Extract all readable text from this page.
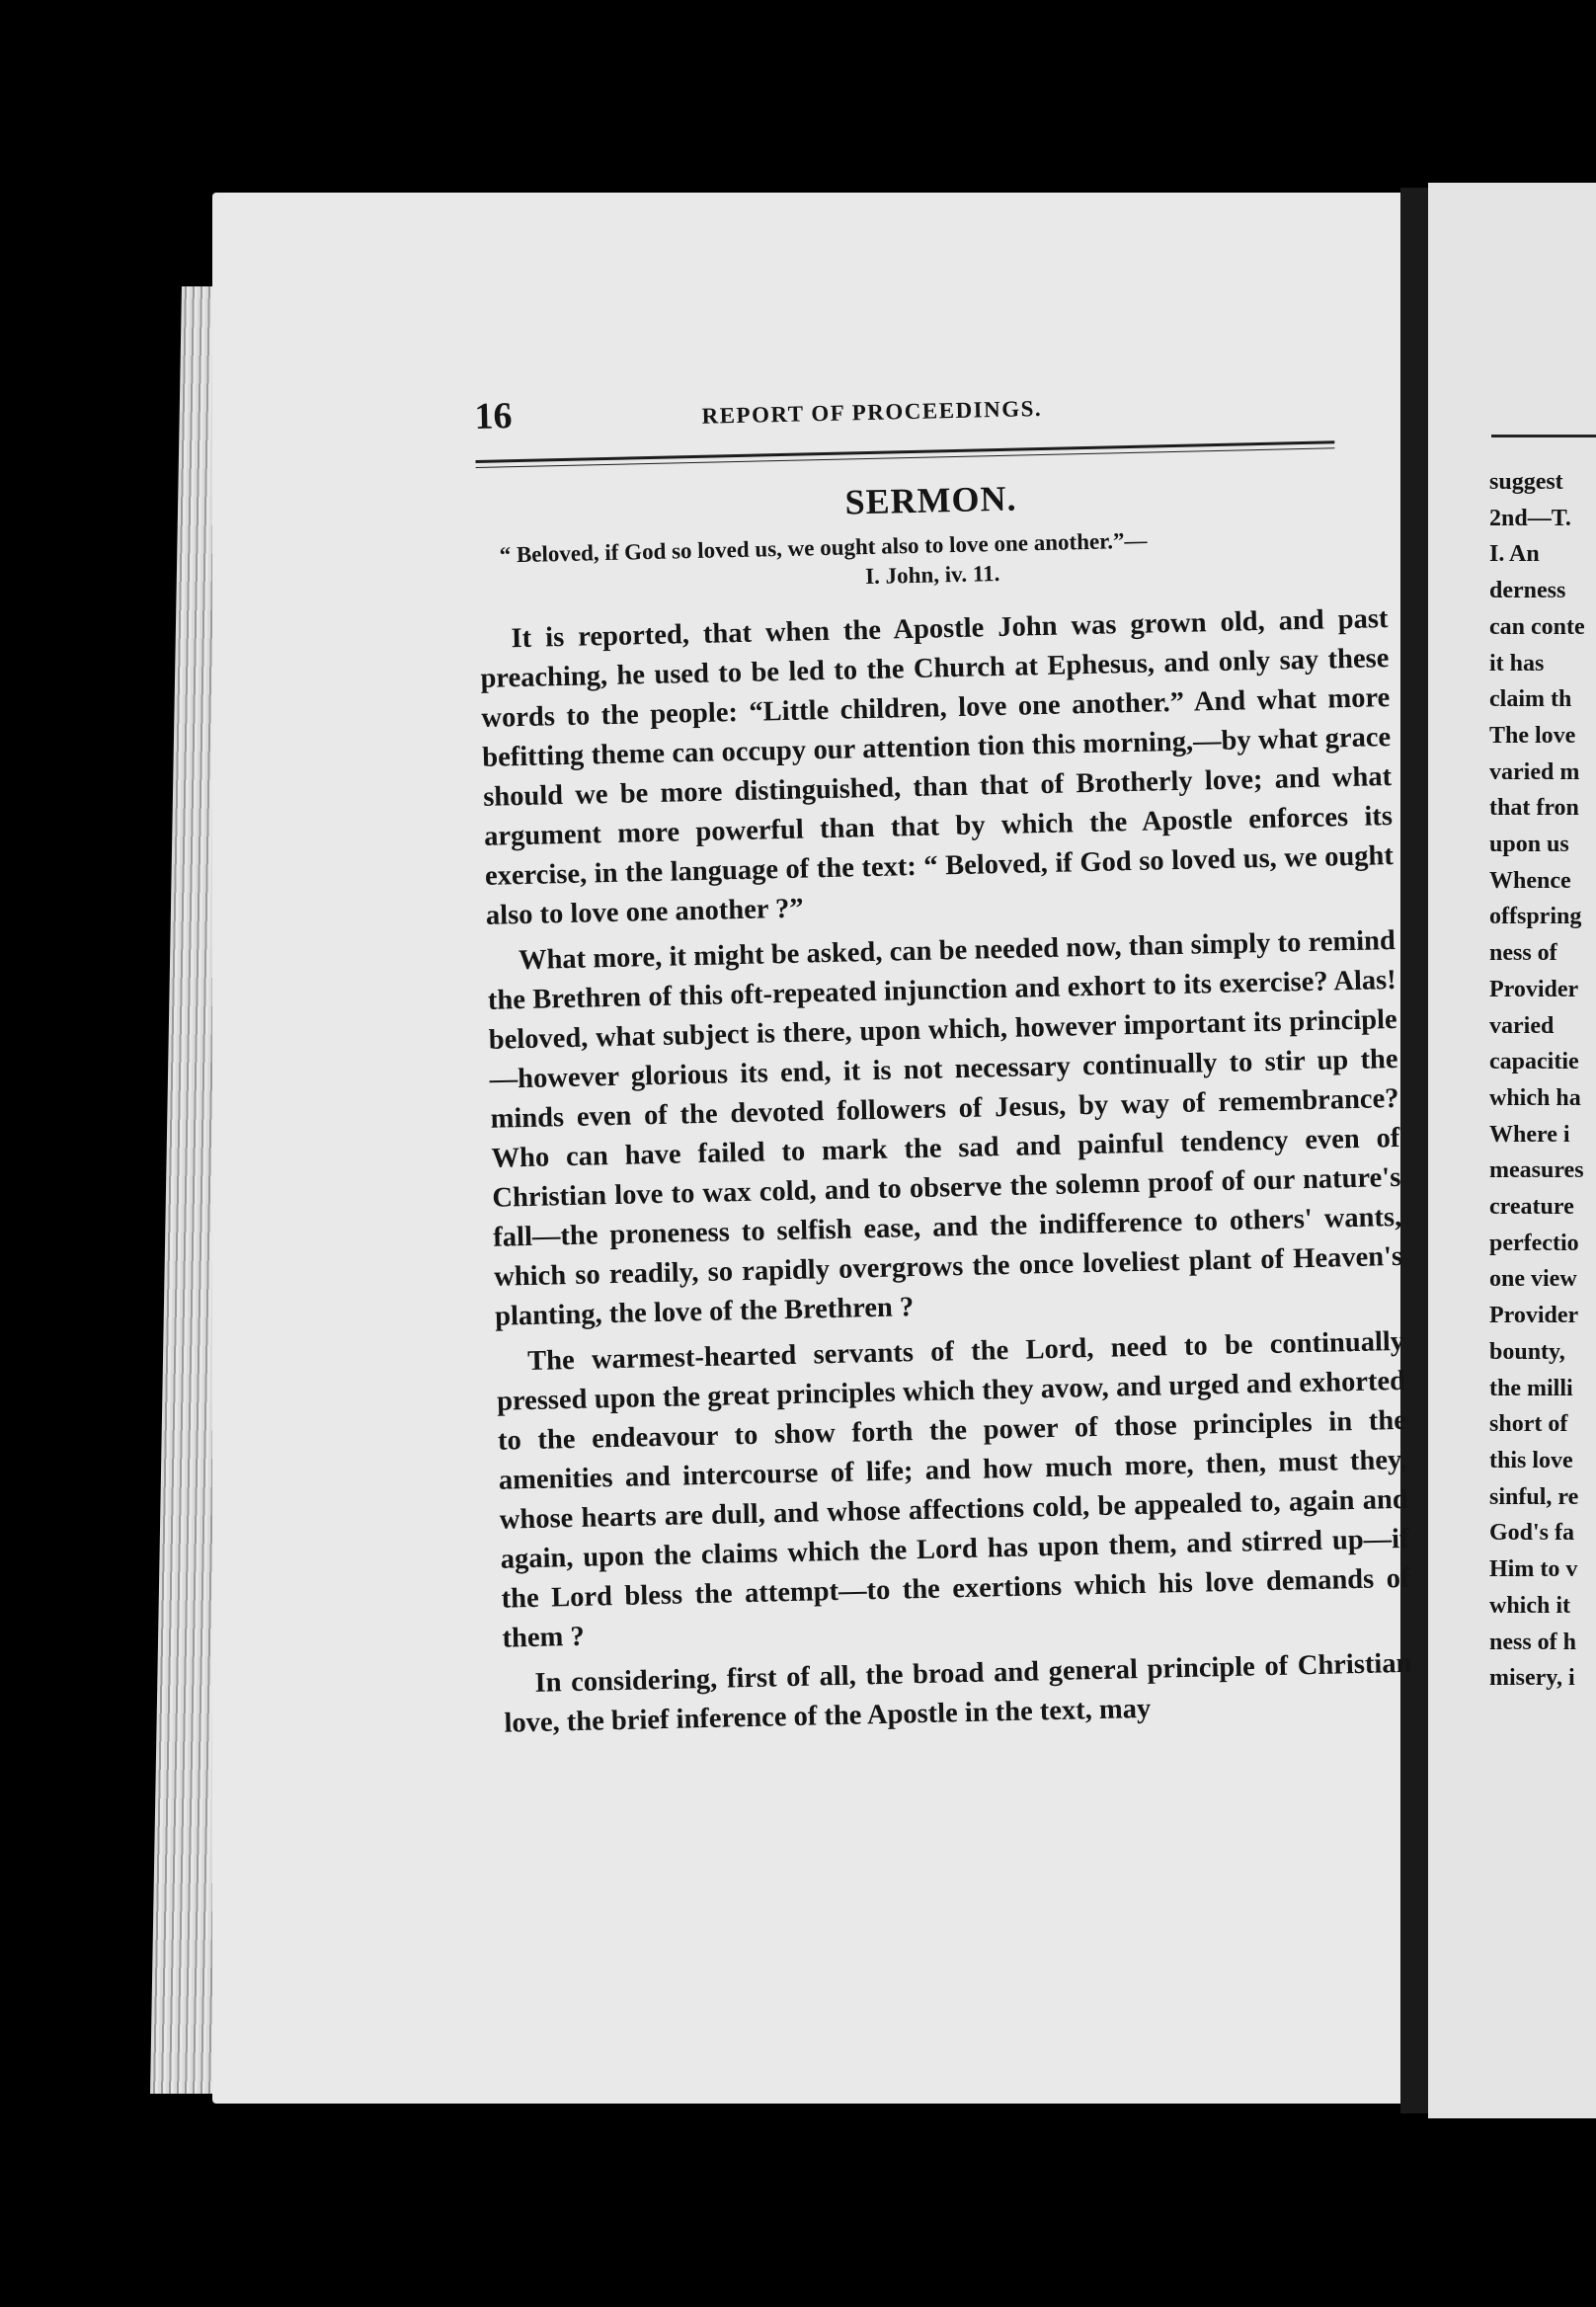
16	REPORT OF PROCEEDINGS.
SERMON.
“ Beloved, if God so loved us, we ought also to love one another.”—
I. John, iv. 11.

It is reported, that when the Apostle John was grown old, and past preaching, he used to be led to the Church at Ephesus, and only say these words to the people: “Little children, love one another.” And what more befitting theme can occupy our attention tion this morning,—by what grace should we be more distinguished, than that of Brotherly love; and what argument more powerful than that by which the Apostle enforces its exercise, in the language of the text: “ Beloved, if God so loved us, we ought also to love one another ?”

What more, it might be asked, can be needed now, than simply to remind the Brethren of this oft-repeated injunction and exhort to its exercise? Alas! beloved, what subject is there, upon which, however important its principle—however glorious its end, it is not necessary continually to stir up the minds even of the devoted followers of Jesus, by way of remembrance? Who can have failed to mark the sad and painful tendency even of Christian love to wax cold, and to observe the solemn proof of our nature's fall—the proneness to selfish ease, and the indifference to others' wants, which so readily, so rapidly overgrows the once loveliest plant of Heaven's planting, the love of the Brethren ?

The warmest-hearted servants of the Lord, need to be continually pressed upon the great principles which they avow, and urged and exhorted to the endeavour to show forth the power of those principles in the amenities and intercourse of life; and how much more, then, must they, whose hearts are dull, and whose affections cold, be appealed to, again and again, upon the claims which the Lord has upon them, and stirred up—if the Lord bless the attempt—to the exertions which his love demands of them ?

In considering, first of all, the broad and general principle of Christian love, the brief inference of the Apostle in the text, may

suggest
2nd—T.
I. An
derness
can conte
it has
claim th
The love
varied m
that fron
upon us
Whence
offspring
ness of
Provider
varied
capacitie
which ha
Where i
measures
creature
perfectio
one view
Provider
bounty,
the milli
short of
this love
sinful, re
God's fa
Him to v
which it
ness of h
misery, i
